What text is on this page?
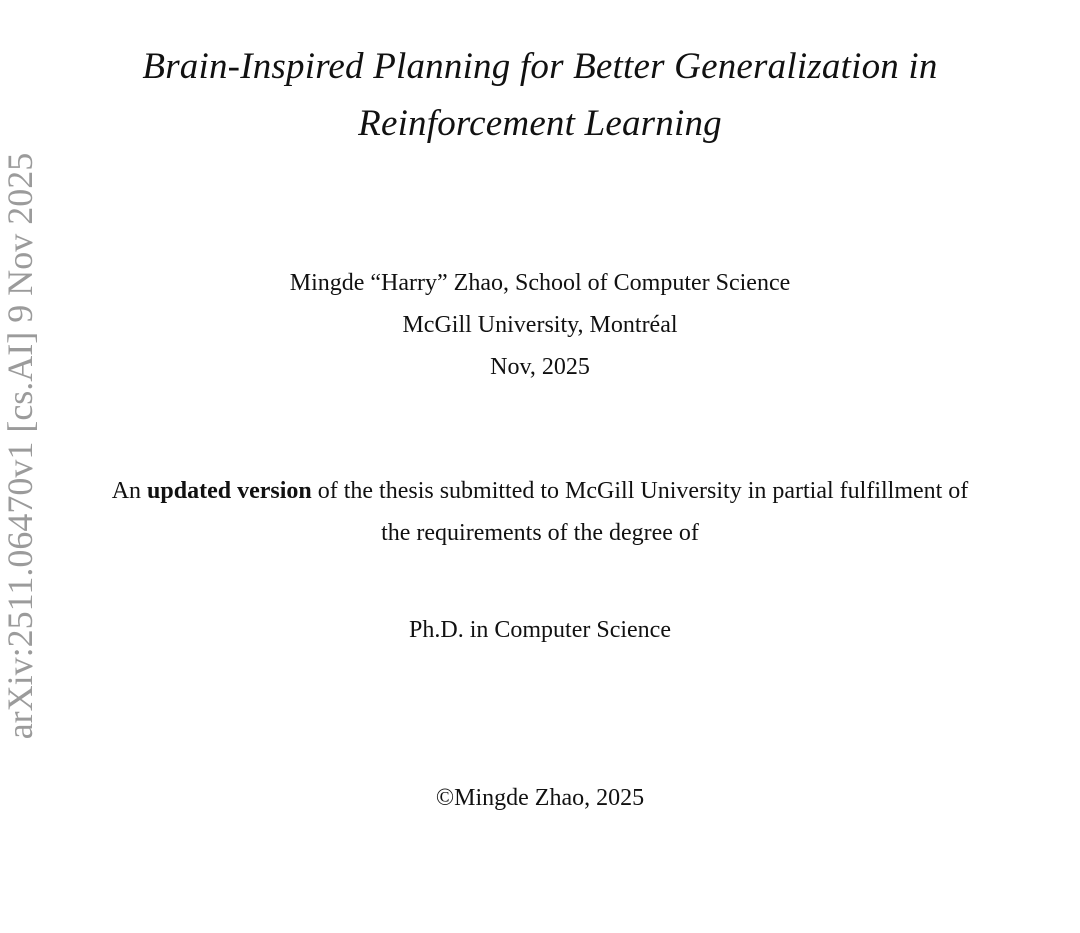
arXiv:2511.06470v1 [cs.AI] 9 Nov 2025
Brain-Inspired Planning for Better Generalization in
Reinforcement Learning
Mingde “Harry” Zhao, School of Computer Science
McGill University, Montréal
Nov, 2025
An updated version of the thesis submitted to McGill University in partial fulfillment of
the requirements of the degree of
Ph.D. in Computer Science
©Mingde Zhao, 2025
